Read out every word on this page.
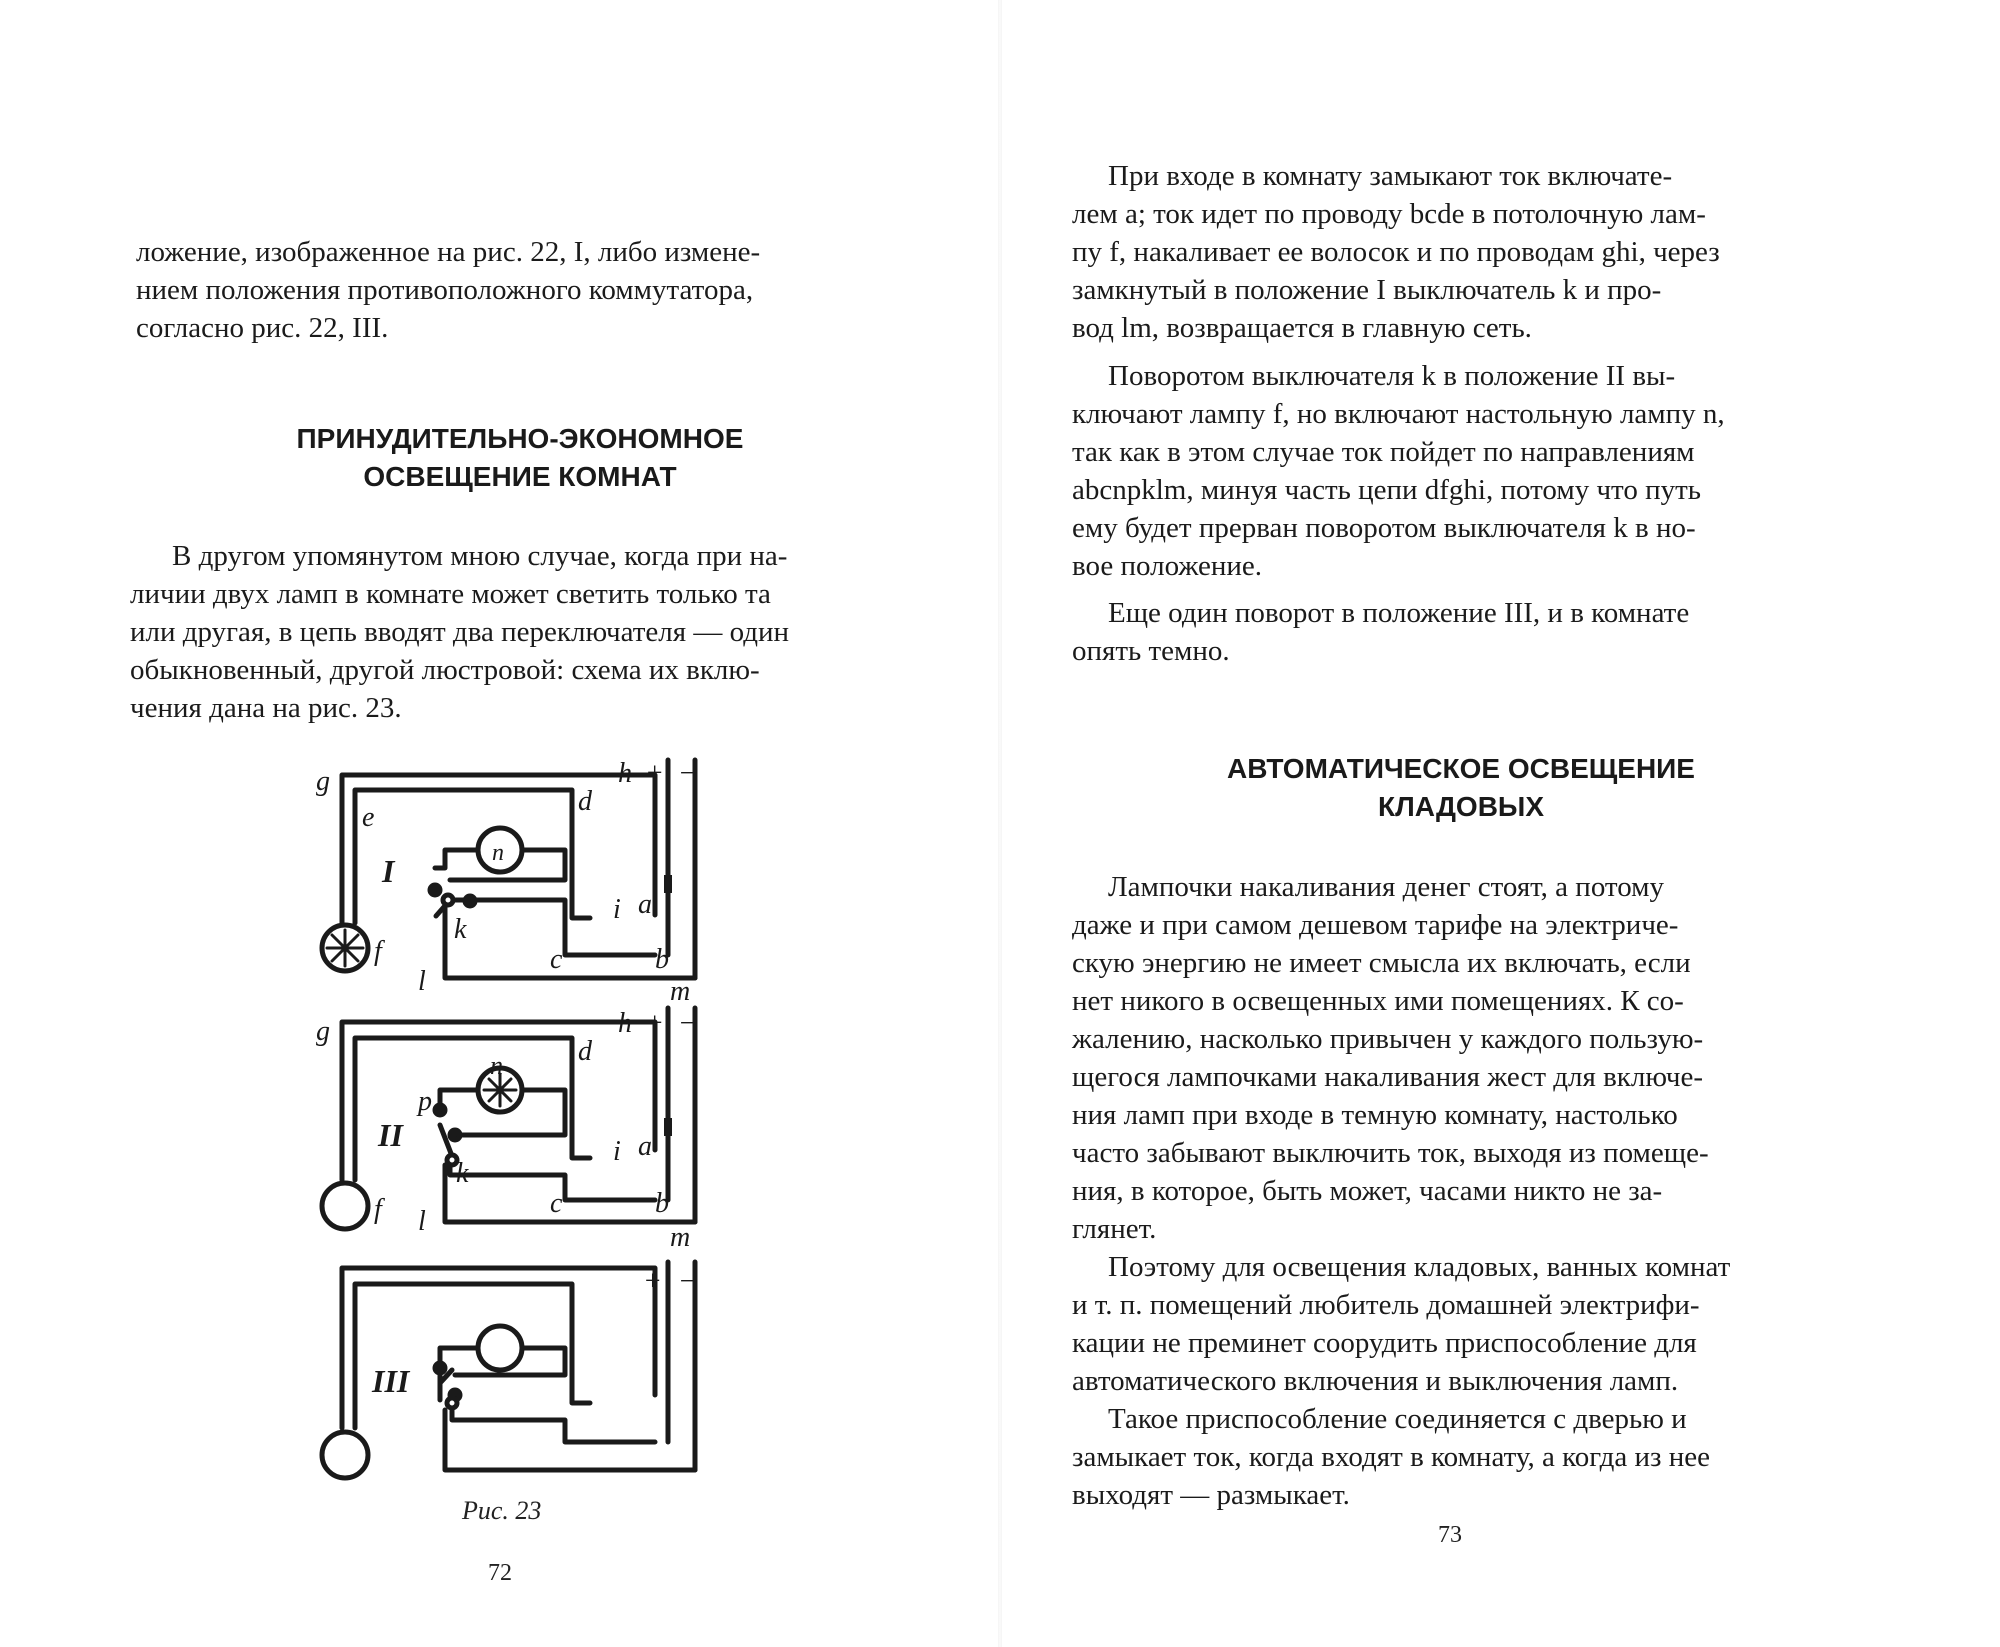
ложение, изображенное на рис. 22, I, либо измене-
нием положения противоположного коммутатора,
согласно рис. 22, III.
ПРИНУДИТЕЛЬНО-ЭКОНОМНОЕ
ОСВЕЩЕНИЕ КОМНАТ
В другом упомянутом мною случае, когда при на-
личии двух ламп в комнате может светить только та
или другая, в цепь вводят два переключателя — один
обыкновенный, другой люстровой: схема их вклю-
чения дана на рис. 23.
g	h + −
d
e
n
I
i a
k
c	b
f
l	m
g	h + −
d
n
p
II	i a
k
c	b
f l
m
+ −
III
Рис. 23
72
При входе в комнату замыкают ток включате-
лем a; ток идет по проводу bcde в потолочную лам-
пу f, накаливает ее волосок и по проводам ghi, через
замкнутый в положение I выключатель k и про-
вод lm, возвращается в главную сеть.
Поворотом выключателя k в положение II вы-
ключают лампу f, но включают настольную лампу n,
так как в этом случае ток пойдет по направлениям
abcnpklm, минуя часть цепи dfghi, потому что путь
ему будет прерван поворотом выключателя k в но-
вое положение.
Еще один поворот в положение III, и в комнате
опять темно.
АВТОМАТИЧЕСКОЕ ОСВЕЩЕНИЕ
КЛАДОВЫХ
Лампочки накаливания денег стоят, а потому
даже и при самом дешевом тарифе на электриче-
скую энергию не имеет смысла их включать, если
нет никого в освещенных ими помещениях. К со-
жалению, насколько привычен у каждого пользую-
щегося лампочками накаливания жест для включе-
ния ламп при входе в темную комнату, настолько
часто забывают выключить ток, выходя из помеще-
ния, в которое, быть может, часами никто не за-
глянет.
Поэтому для освещения кладовых, ванных комнат
и т. п. помещений любитель домашней электрифи-
кации не преминет соорудить приспособление для
автоматического включения и выключения ламп.
Такое приспособление соединяется с дверью и
замыкает ток, когда входят в комнату, а когда из нее
выходят — размыкает.
73
